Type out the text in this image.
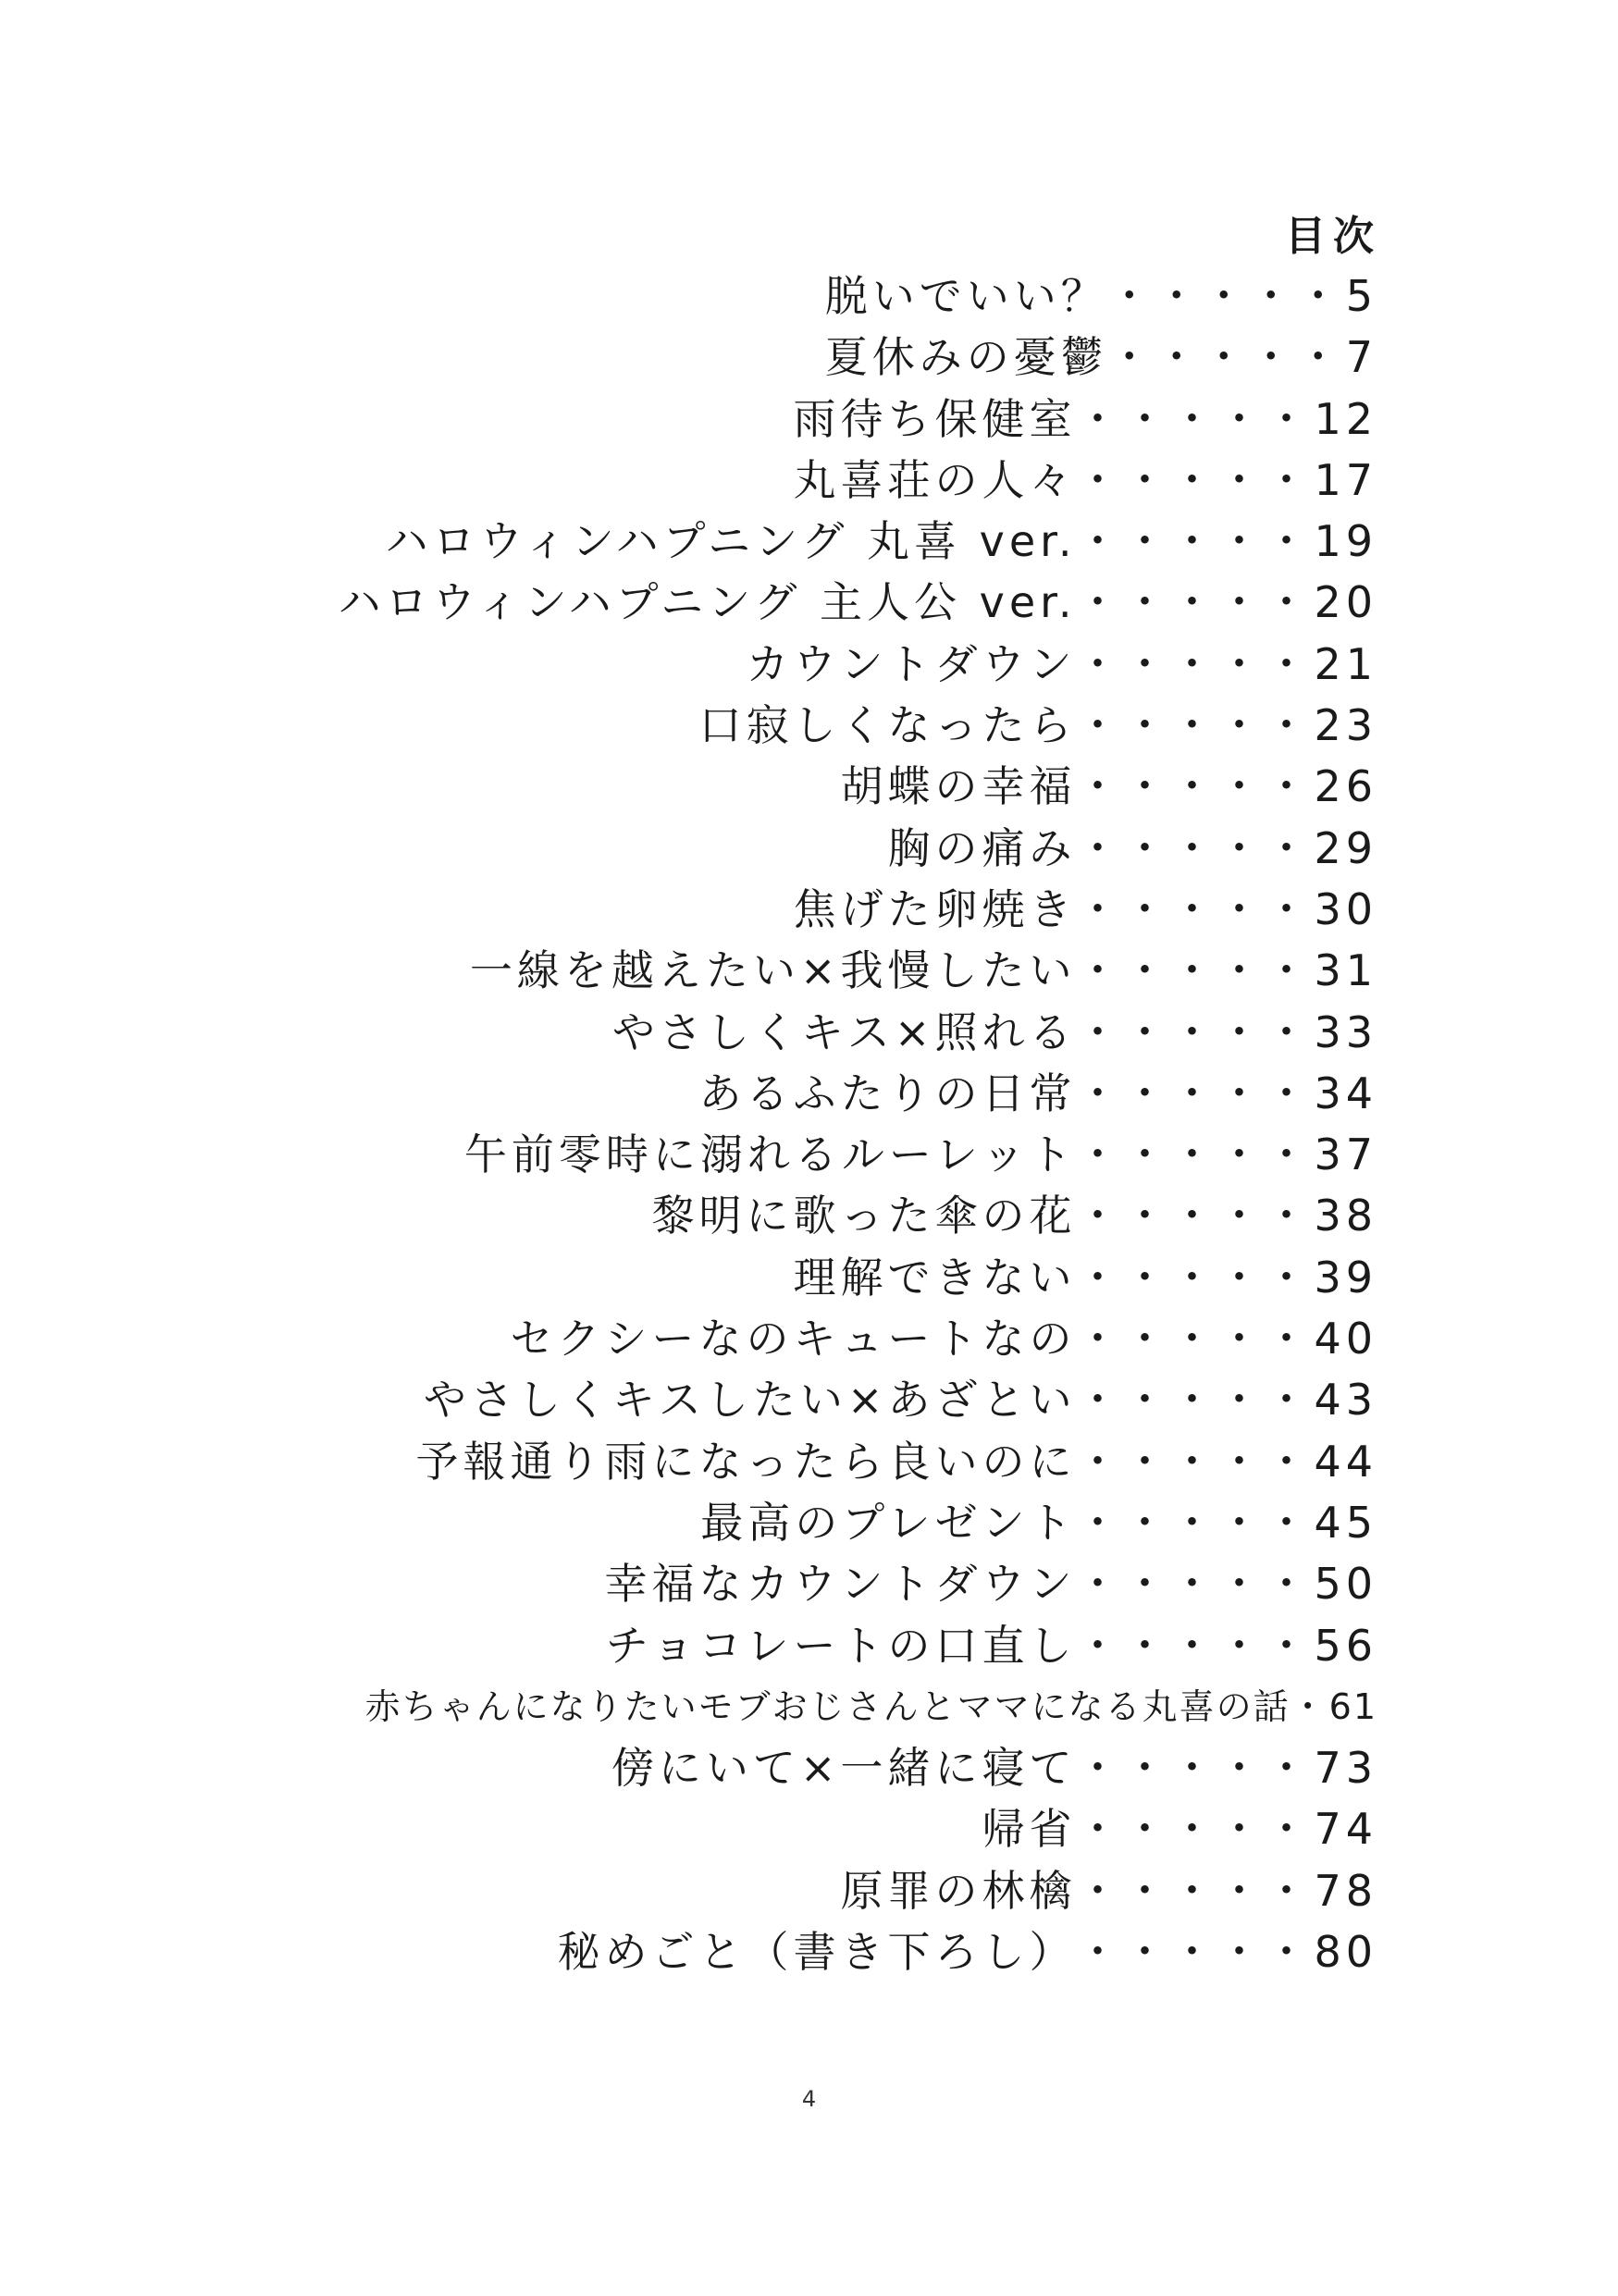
目次
脱いでいい？・・・・・5
夏休みの憂鬱・・・・・7
雨待ち保健室・・・・・12
丸喜荘の人々・・・・・17
ハロウィンハプニング 丸喜 ver.・・・・・19
ハロウィンハプニング 主人公 ver.・・・・・20
カウントダウン・・・・・21
口寂しくなったら・・・・・23
胡蝶の幸福・・・・・26
胸の痛み・・・・・29
焦げた卵焼き・・・・・30
一線を越えたい×我慢したい・・・・・31
やさしくキス×照れる・・・・・33
あるふたりの日常・・・・・34
午前零時に溺れるルーレット・・・・・37
黎明に歌った傘の花・・・・・38
理解できない・・・・・39
セクシーなのキュートなの・・・・・40
やさしくキスしたい×あざとい・・・・・43
予報通り雨になったら良いのに・・・・・44
最高のプレゼント・・・・・45
幸福なカウントダウン・・・・・50
チョコレートの口直し・・・・・56
赤ちゃんになりたいモブおじさんとママになる丸喜の話・61
傍にいて×一緒に寝て・・・・・73
帰省・・・・・74
原罪の林檎・・・・・78
秘めごと（書き下ろし）・・・・・80
4
